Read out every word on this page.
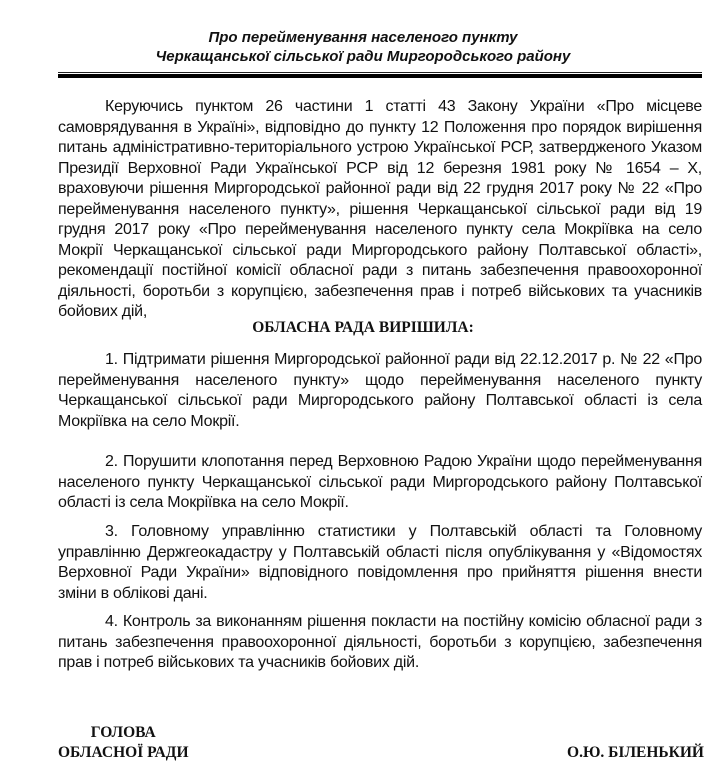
Про перейменування населеного пункту
Черкащанської сільської ради Миргородського району

Керуючись пунктом 26 частини 1 статті 43 Закону України «Про місцеве самоврядування в Україні», відповідно до пункту 12 Положення про порядок вирішення питань адміністративно-територіального устрою Української РСР, затвердженого Указом Президії Верховної Ради Української РСР від 12 березня 1981 року № 1654 – X, враховуючи рішення Миргородської районної ради від 22 грудня 2017 року № 22 «Про перейменування населеного пункту», рішення Черкащанської сільської ради від 19 грудня 2017 року «Про перейменування населеного пункту села Мокріївка на село Мокрії Черкащанської сільської ради Миргородського району Полтавської області», рекомендації постійної комісії обласної ради з питань забезпечення правоохоронної діяльності, боротьби з корупцією, забезпечення прав і потреб військових та учасників бойових дій,

ОБЛАСНА РАДА ВИРІШИЛА:

1. Підтримати рішення Миргородської районної ради від 22.12.2017 р. № 22 «Про перейменування населеного пункту» щодо перейменування населеного пункту Черкащанської сільської ради Миргородського району Полтавської області із села Мокріївка на село Мокрії.

2. Порушити клопотання перед Верховною Радою України щодо перейменування населеного пункту Черкащанської сільської ради Миргородського району Полтавської області із села Мокріївка на село Мокрії.

3. Головному управлінню статистики у Полтавській області та Головному управлінню Держгеокадастру у Полтавській області після опублікування у «Відомостях Верховної Ради України» відповідного повідомлення про прийняття рішення внести зміни в облікові дані.

4. Контроль за виконанням рішення покласти на постійну комісію обласної ради з питань забезпечення правоохоронної діяльності, боротьби з корупцією, забезпечення прав і потреб військових та учасників бойових дій.

ГОЛОВА
ОБЛАСНОЇ РАДИ	О.Ю. БІЛЕНЬКИЙ
